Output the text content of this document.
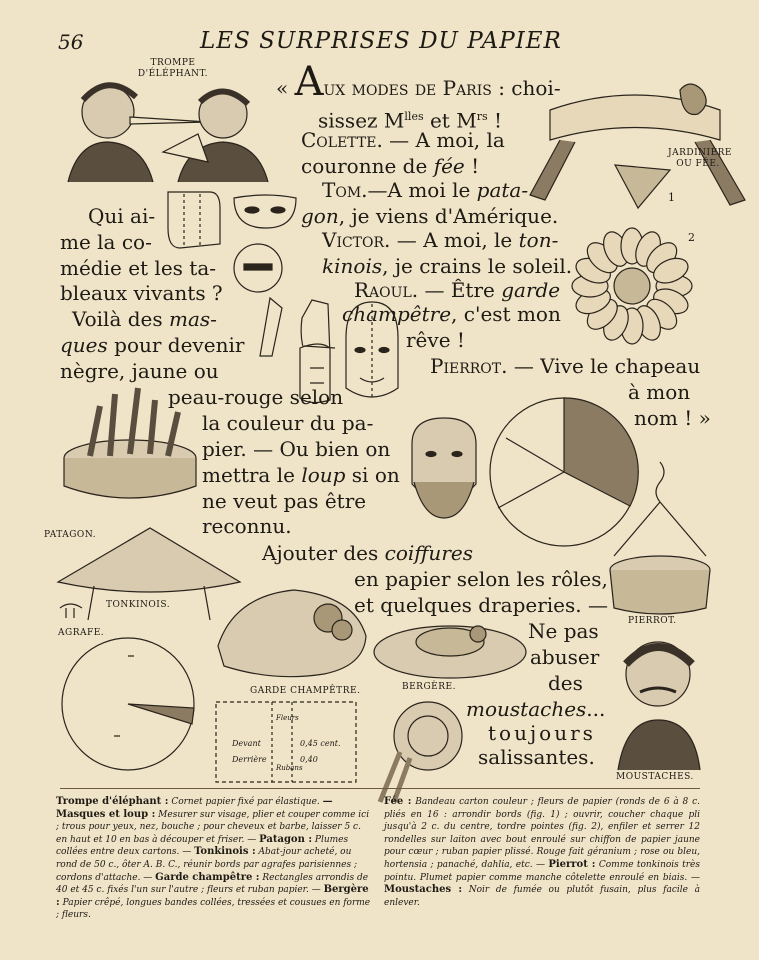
56	LES SURPRISES DU PAPIER
TROMPE D'ÉLÉPHANT.
JARDINIÈRE OU FÉE.
1
2
PATAGON.
TONKINOIS.
AGRAFE.
GARDE CHAMPÊTRE.	BERGÈRE.
PIERROT.
Devant
Derrière
0,45 cent.
0,40
Fleurs
Rubans
MOUSTACHES.
« Aux modes de Paris : choi-
sissez $M^{lles}$ et $M^{rs}$ !
Colette. — A moi, la
couronne de fée !
Tom.—A moi le pata-
gon, je viens d'Amérique.
Victor. — A moi, le ton-
kinois, je crains le soleil.
Raoul. — Être garde
champêtre, c'est mon
rêve !
Pierrot. — Vive le chapeau
à mon
nom ! »
Qui ai-
me la co-
médie et les ta-
bleaux vivants ?
Voilà des mas-
ques pour devenir
nègre, jaune ou
peau-rouge selon
la couleur du pa-
pier. — Ou bien on
mettra le loup si on
ne veut pas être
reconnu.
Ajouter des coiffures
en papier selon les rôles,
et quelques draperies. —
Ne pas
abuser
des
moustaches...
toujours
salissantes.
Trompe d'éléphant : Cornet papier fixé par élastique. — Masques et loup : Mesurer sur visage, plier et couper comme ici ; trous pour yeux, nez, bouche ; pour cheveux et barbe, laisser 5 c. en haut et 10 en bas à découper et friser. — Patagon : Plumes collées entre deux cartons. — Tonkinois : Abat-jour acheté, ou rond de 50 c., ôter A. B. C., réunir bords par agrafes parisiennes ; cordons d'attache. — Garde champêtre : Rectangles arrondis de 40 et 45 c. fixés l'un sur l'autre ; fleurs et ruban papier. — Bergère : Papier crêpé, longues bandes collées, tressées et cousues en forme ; fleurs.
Fée : Bandeau carton couleur ; fleurs de papier (ronds de 6 à 8 c. pliés en 16 : arrondir bords (fig. 1) ; ouvrir, coucher chaque pli jusqu'à 2 c. du centre, tordre pointes (fig. 2), enfiler et serrer 12 rondelles sur laiton avec bout enroulé sur chiffon de papier jaune pour cœur ; ruban papier plissé. Rouge fait géranium ; rose ou bleu, hortensia ; panaché, dahlia, etc. — Pierrot : Comme tonkinois très pointu. Plumet papier comme manche côtelette enroulé en biais. — Moustaches : Noir de fumée ou plutôt fusain, plus facile à enlever.
